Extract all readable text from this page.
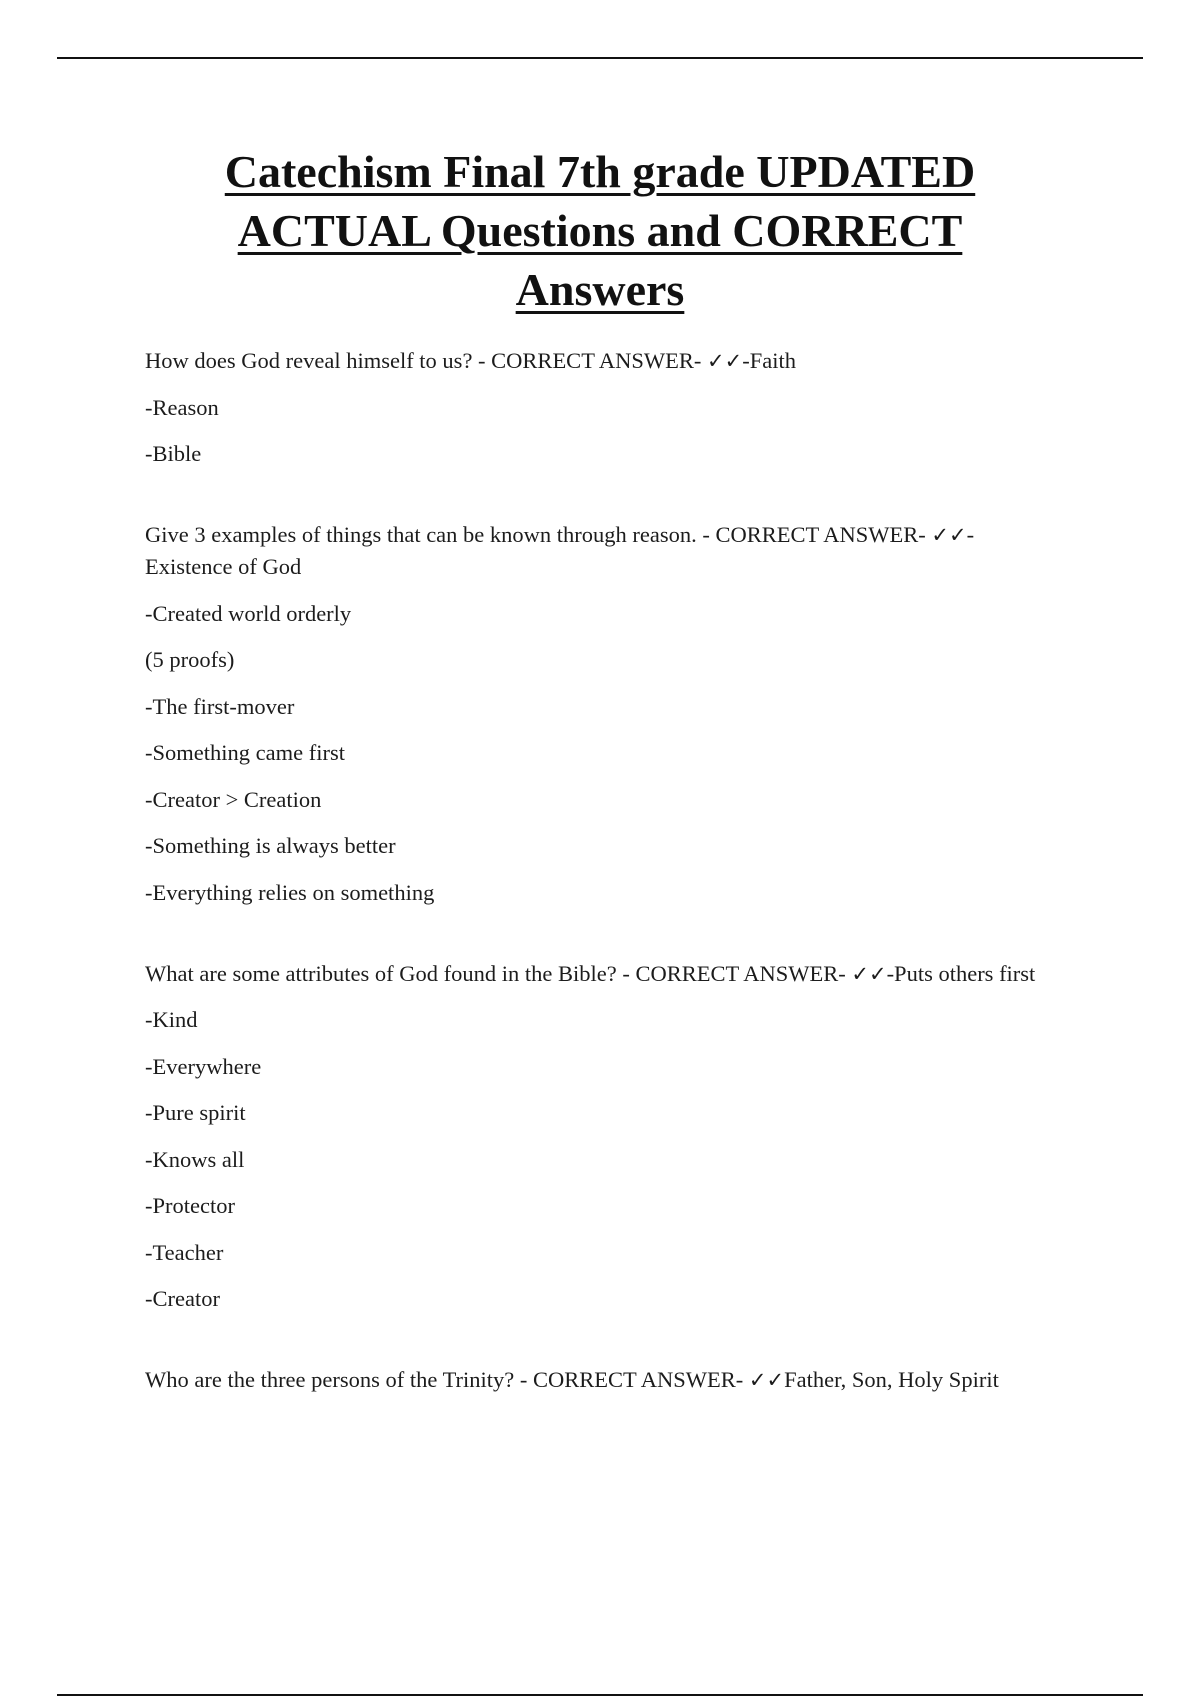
Catechism Final 7th grade UPDATED
ACTUAL Questions and CORRECT
Answers

How does God reveal himself to us? - CORRECT ANSWER- ✓✓-Faith

-Reason

-Bible

Give 3 examples of things that can be known through reason. - CORRECT ANSWER- ✓✓- Existence of God

-Created world orderly

(5 proofs)

-The first-mover

-Something came first

-Creator > Creation

-Something is always better

-Everything relies on something

What are some attributes of God found in the Bible? - CORRECT ANSWER- ✓✓-Puts others first

-Kind

-Everywhere

-Pure spirit

-Knows all

-Protector

-Teacher

-Creator

Who are the three persons of the Trinity? - CORRECT ANSWER- ✓✓Father, Son, Holy Spirit
